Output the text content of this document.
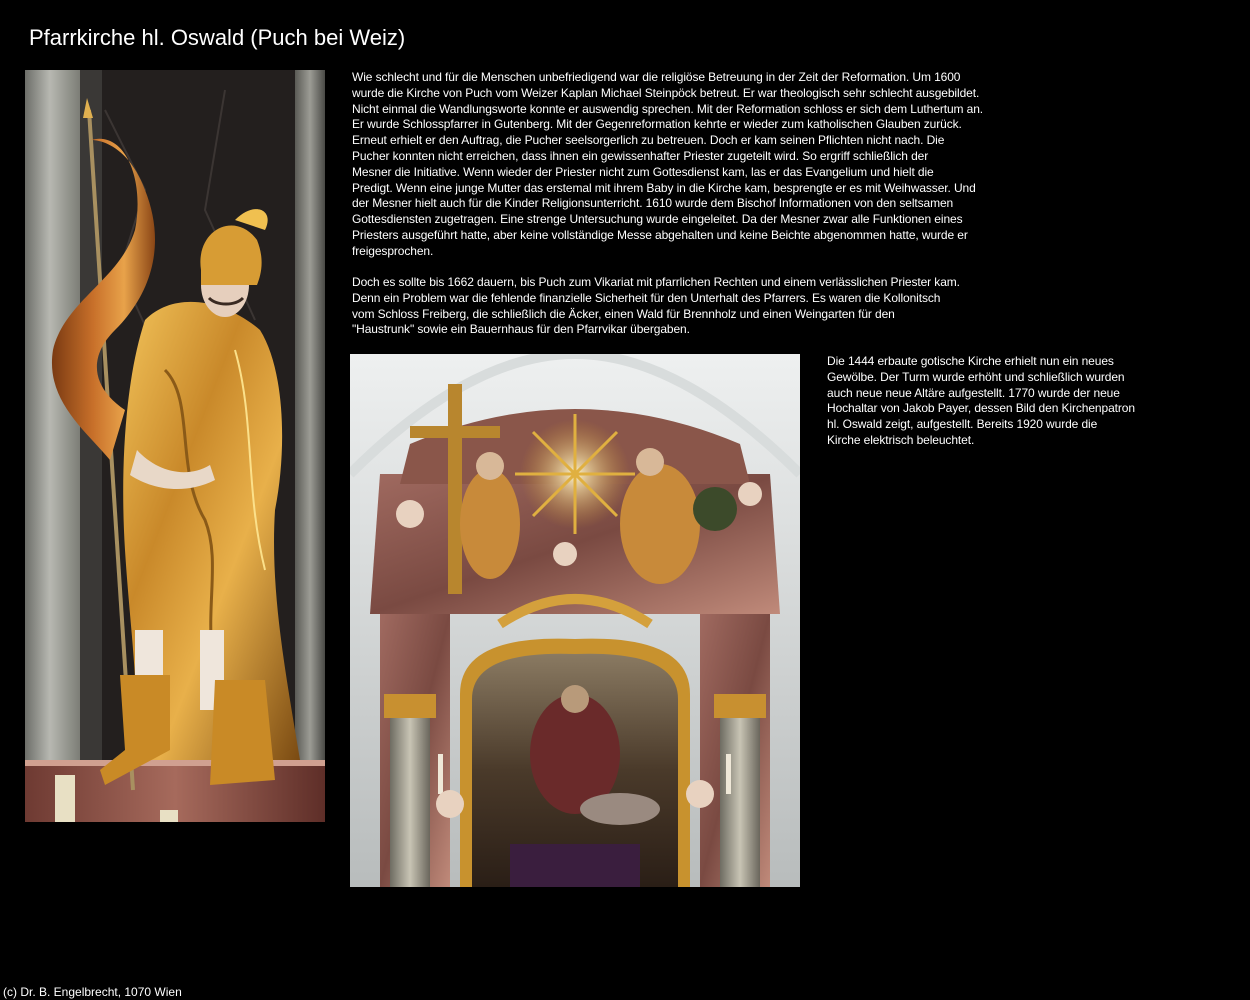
Pfarrkirche hl. Oswald (Puch bei Weiz)

Wie schlecht und für die Menschen unbefriedigend war die religiöse Betreuung in der Zeit der Reformation. Um 1600
wurde die Kirche von Puch vom Weizer Kaplan Michael Steinpöck betreut. Er war theologisch sehr schlecht ausgebildet.
Nicht einmal die Wandlungsworte konnte er auswendig sprechen. Mit der Reformation schloss er sich dem Luthertum an.
Er wurde Schlosspfarrer in Gutenberg. Mit der Gegenreformation kehrte er wieder zum katholischen Glauben zurück.
Erneut erhielt er den Auftrag, die Pucher seelsorgerlich zu betreuen. Doch er kam seinen Pflichten nicht nach. Die
Pucher konnten nicht erreichen, dass ihnen ein gewissenhafter Priester zugeteilt wird. So ergriff schließlich der
Mesner die Initiative. Wenn wieder der Priester nicht zum Gottesdienst kam, las er das Evangelium und hielt die
Predigt. Wenn eine junge Mutter das erstemal mit ihrem Baby in die Kirche kam, besprengte er es mit Weihwasser. Und
der Mesner hielt auch für die Kinder Religionsunterricht. 1610 wurde dem Bischof Informationen von den seltsamen
Gottesdiensten zugetragen. Eine strenge Untersuchung wurde eingeleitet. Da der Mesner zwar alle Funktionen eines
Priesters ausgeführt hatte, aber keine vollständige Messe abgehalten und keine Beichte abgenommen hatte, wurde er
freigesprochen.

Doch es sollte bis 1662 dauern, bis Puch zum Vikariat mit pfarrlichen Rechten und einem verlässlichen Priester kam.
Denn ein Problem war die fehlende finanzielle Sicherheit für den Unterhalt des Pfarrers. Es waren die Kollonitsch
vom Schloss Freiberg, die schließlich die Äcker, einen Wald für Brennholz und einen Weingarten für den
"Haustrunk" sowie ein Bauernhaus für den Pfarrvikar übergaben.

Die 1444 erbaute gotische Kirche erhielt nun ein neues
Gewölbe. Der Turm wurde erhöht und schließlich wurden
auch neue neue Altäre aufgestellt. 1770 wurde der neue
Hochaltar von Jakob Payer, dessen Bild den Kirchenpatron
hl. Oswald zeigt, aufgestellt. Bereits 1920 wurde die
Kirche elektrisch beleuchtet.

(c) Dr. B. Engelbrecht, 1070 Wien
